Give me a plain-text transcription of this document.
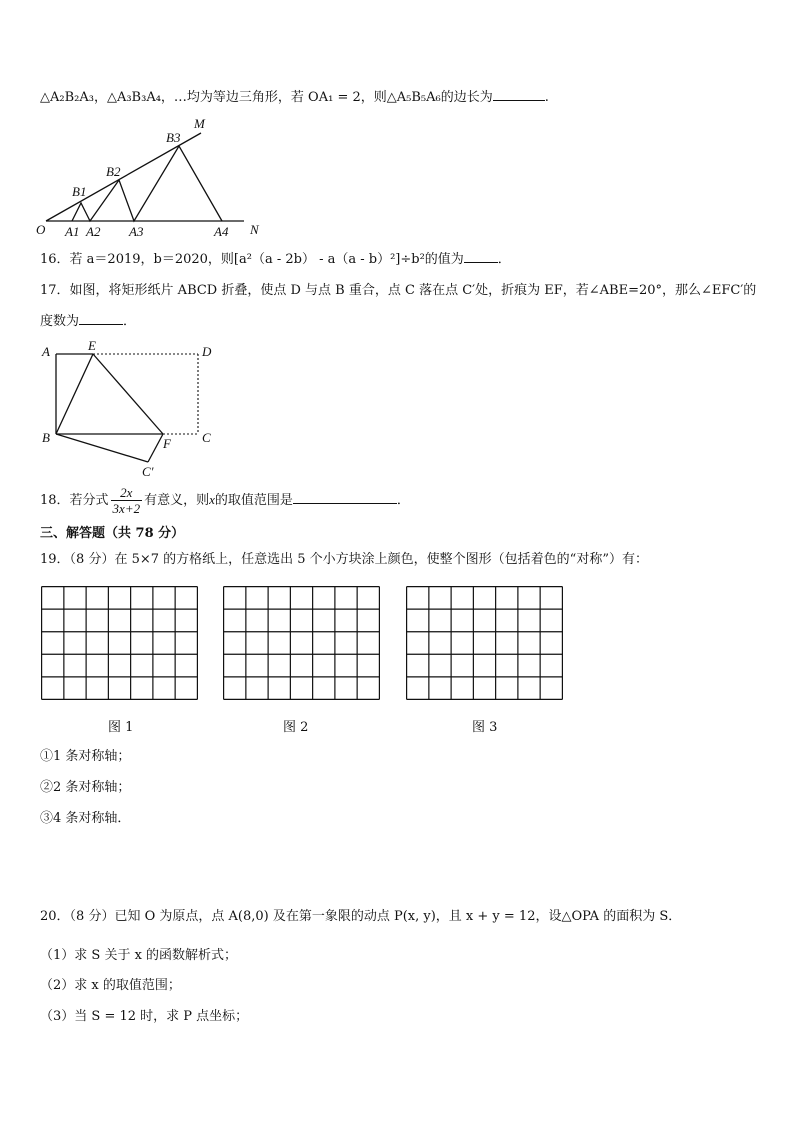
△A₂B₂A₃，△A₃B₃A₄，…均为等边三角形，若 OA₁ = 2，则△A₅B₅A₆的边长为	.
M
B3
B2
B1
O A1 A2 A3	A4 N
16．若 a＝2019，b＝2020，则[a²（a - 2b） - a（a - b）²]÷b²的值为	．
17．如图，将矩形纸片 ABCD 折叠，使点 D 与点 B 重合，点 C 落在点 C′处，折痕为 EF，若∠ABE=20°，那么∠EFC′的
度数为	．
A	E	D
B	F C
C′
18．若分式 $\frac{2x}{3x+2}$ 有意义，则x的取值范围是	．
三、解答题（共 78 分）
19．（8 分）在 5×7 的方格纸上，任意选出 5 个小方块涂上颜色，使整个图形（包括着色的“对称”）有：
图 1	图 2	图 3
①1 条对称轴；
②2 条对称轴；
③4 条对称轴．
20．（8 分）已知 O 为原点，点 A(8,0) 及在第一象限的动点 P(x, y)，且 x + y = 12，设△OPA 的面积为 S．
（1）求 S 关于 x 的函数解析式；
（2）求 x 的取值范围；
（3）当 S = 12 时，求 P 点坐标；
